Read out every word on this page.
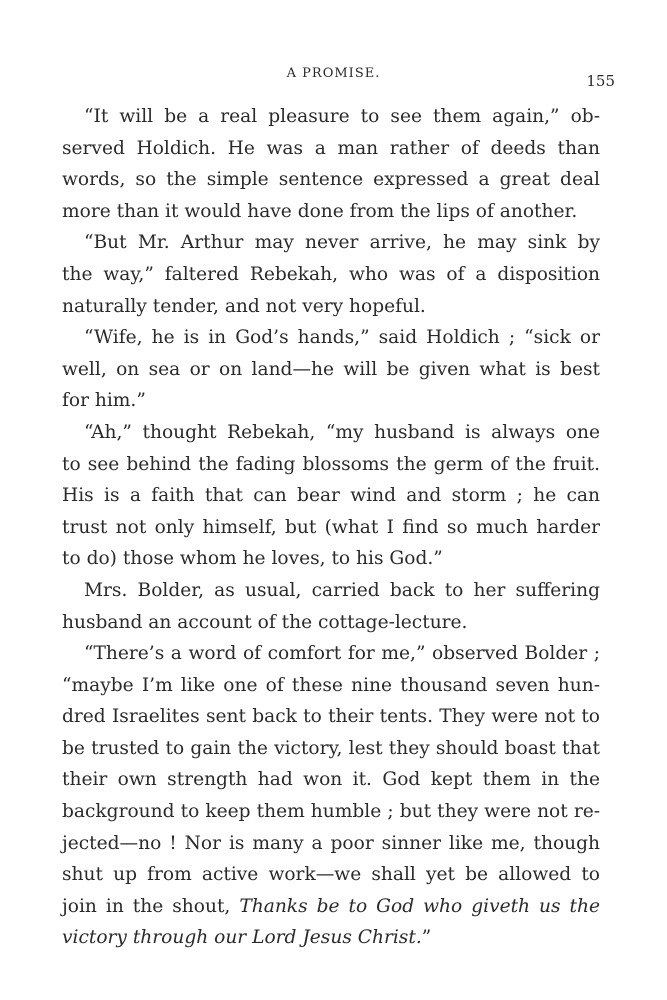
A PROMISE.	155
“It will be a real pleasure to see them again,” ob-
served Holdich. He was a man rather of deeds than
words, so the simple sentence expressed a great deal
more than it would have done from the lips of another.
“But Mr. Arthur may never arrive, he may sink by
the way,” faltered Rebekah, who was of a disposition
naturally tender, and not very hopeful.
“Wife, he is in God’s hands,” said Holdich ; “sick or
well, on sea or on land—he will be given what is best
for him.”
“Ah,” thought Rebekah, “my husband is always one
to see behind the fading blossoms the germ of the fruit.
His is a faith that can bear wind and storm ; he can
trust not only himself, but (what I find so much harder
to do) those whom he loves, to his God.”
Mrs. Bolder, as usual, carried back to her suffering
husband an account of the cottage-lecture.
“There’s a word of comfort for me,” observed Bolder ;
“maybe I’m like one of these nine thousand seven hun-
dred Israelites sent back to their tents. They were not to
be trusted to gain the victory, lest they should boast that
their own strength had won it. God kept them in the
background to keep them humble ; but they were not re-
jected—no ! Nor is many a poor sinner like me, though
shut up from active work—we shall yet be allowed to
join in the shout, Thanks be to God who giveth us the
victory through our Lord Jesus Christ.”
